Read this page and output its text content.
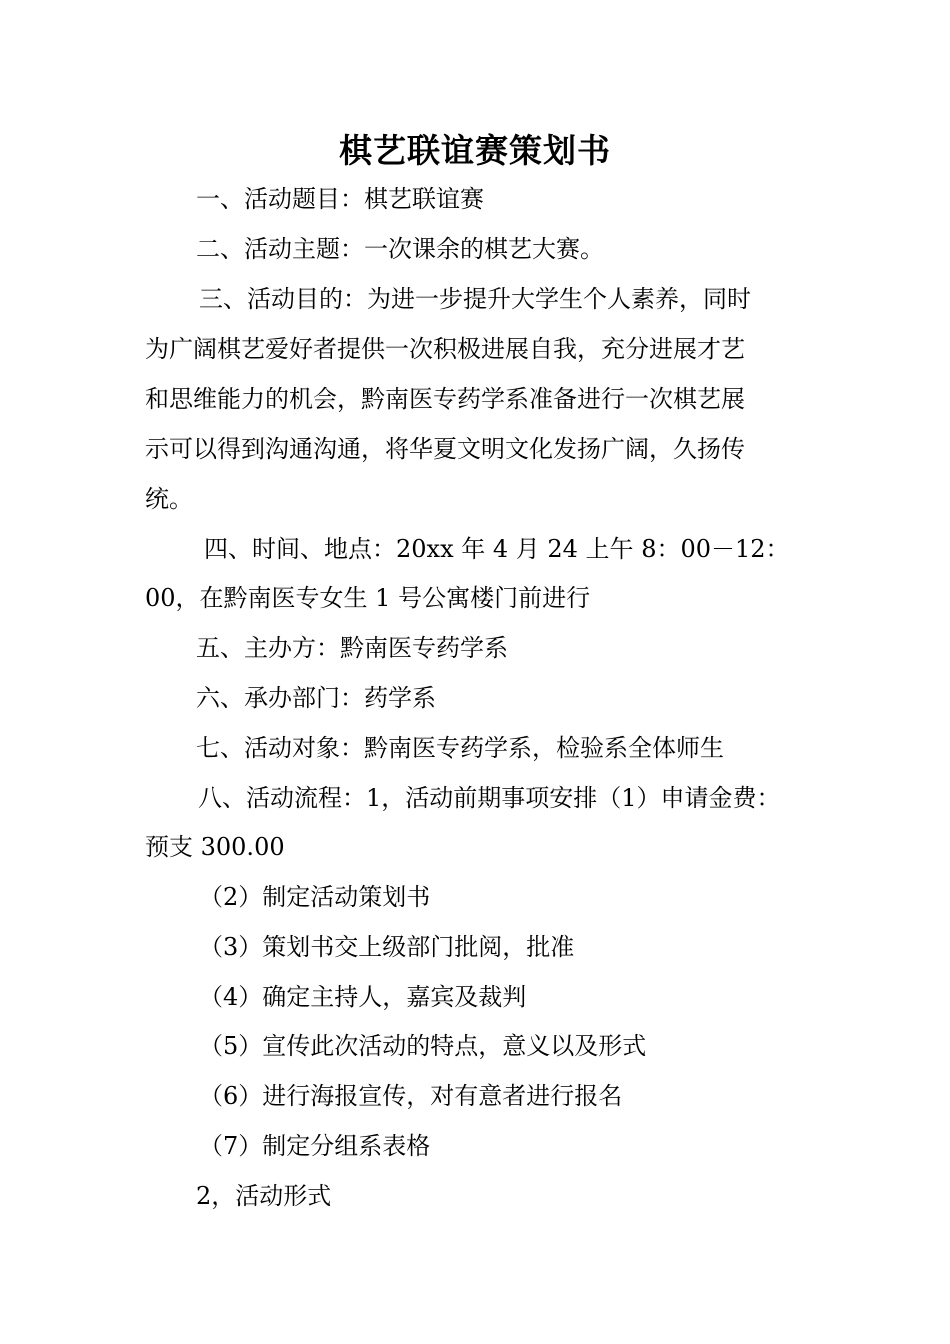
棋艺联谊赛策划书

一、活动题目：棋艺联谊赛

二、活动主题：一次课余的棋艺大赛。

三、活动目的：为进一步提升大学生个人素养，同时

为广阔棋艺爱好者提供一次积极进展自我，充分进展才艺

和思维能力的机会，黔南医专药学系准备进行一次棋艺展

示可以得到沟通沟通，将华夏文明文化发扬广阔，久扬传

统。

四、时间、地点：20xx 年 4 月 24 上午 8：00－12：

00，在黔南医专女生 1 号公寓楼门前进行

五、主办方：黔南医专药学系

六、承办部门：药学系

七、活动对象：黔南医专药学系，检验系全体师生

八、活动流程：1，活动前期事项安排（1）申请金费：

预支 300.00

（2）制定活动策划书

（3）策划书交上级部门批阅，批准

（4）确定主持人，嘉宾及裁判

（5）宣传此次活动的特点，意义以及形式

（6）进行海报宣传，对有意者进行报名

（7）制定分组系表格

2，活动形式
